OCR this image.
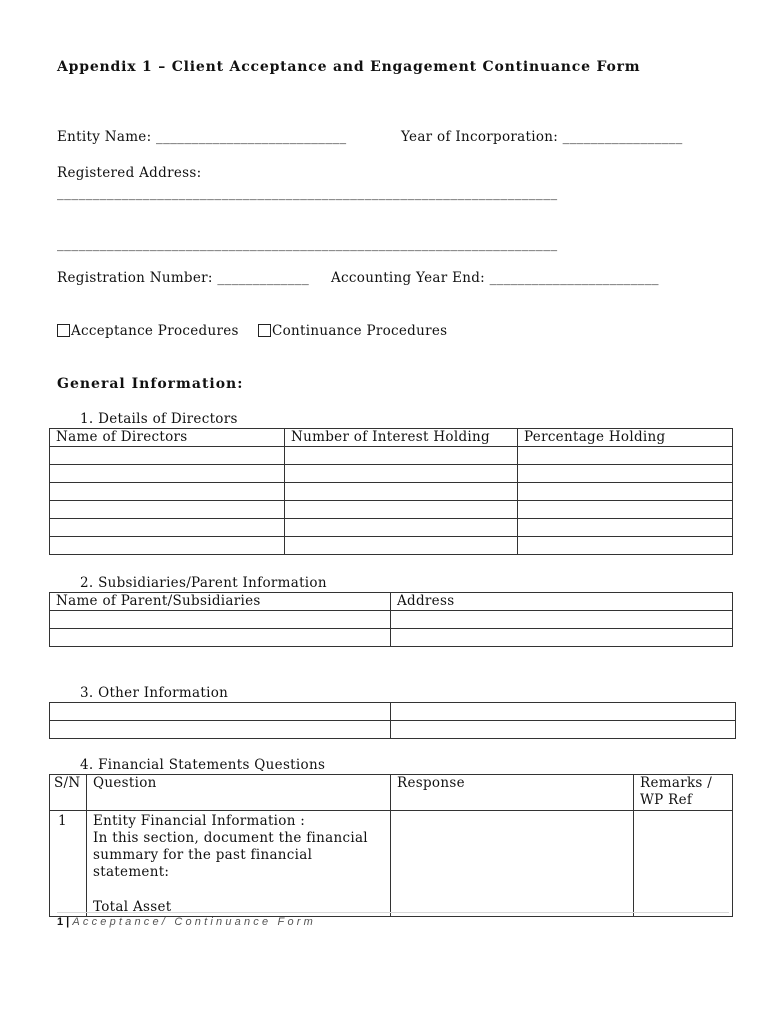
Appendix 1 – Client Acceptance and Engagement Continuance Form
Entity Name: ___________________________	Year of Incorporation: _________________
Registered Address:
______________________________________________________________________
______________________________________________________________________
Registration Number: _____________ Accounting Year End: ________________________
Acceptance Procedures	Continuance Procedures
General Information:
1. Details of Directors
Name of Directors	Number of Interest Holding	Percentage Holding

2. Subsidiaries/Parent Information
Name of Parent/Subsidiaries	Address

3. Other Information

4. Financial Statements Questions
S/N	Question	Response	Remarks /
WP Ref

1	Entity Financial Information :
In this section, document the financial
summary for the past financial statement:
Total Asset		

1 | Acceptance/ Continuance Form
